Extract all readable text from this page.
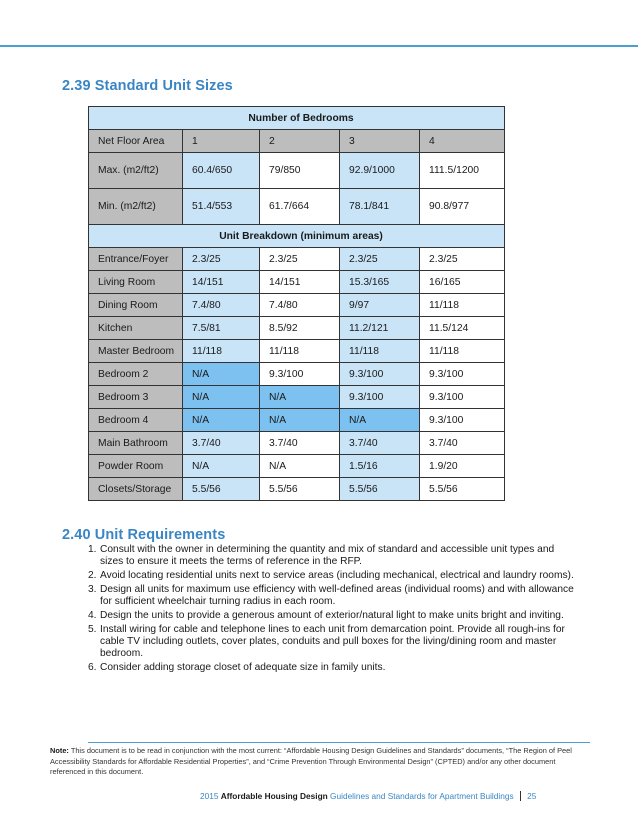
2.39 Standard Unit Sizes
Number of Bedrooms				
Net Floor Area	1	2	3	4
Max. (m2/ft2)	60.4/650	79/850	92.9/1000	111.5/1200
Min. (m2/ft2)	51.4/553	61.7/664	78.1/841	90.8/977
Unit Breakdown (minimum areas)				
Entrance/Foyer	2.3/25	2.3/25	2.3/25	2.3/25
Living Room	14/151	14/151	15.3/165	16/165
Dining Room	7.4/80	7.4/80	9/97	11/118
Kitchen	7.5/81	8.5/92	11.2/121	11.5/124
Master Bedroom	11/118	11/118	11/118	11/118
Bedroom 2	N/A	9.3/100	9.3/100	9.3/100
Bedroom 3	N/A	N/A	9.3/100	9.3/100
Bedroom 4	N/A	N/A	N/A	9.3/100
Main Bathroom	3.7/40	3.7/40	3.7/40	3.7/40
Powder Room	N/A	N/A	1.5/16	1.9/20
Closets/Storage	5.5/56	5.5/56	5.5/56	5.5/56
2.40 Unit Requirements
1. Consult with the owner in determining the quantity and mix of standard and accessible unit types and sizes to ensure it meets the terms of reference in the RFP.
2. Avoid locating residential units next to service areas (including mechanical, electrical and laundry rooms).
3. Design all units for maximum use efficiency with well-defined areas (individual rooms) and with allowance for sufficient wheelchair turning radius in each room.
4. Design the units to provide a generous amount of exterior/natural light to make units bright and inviting.
5. Install wiring for cable and telephone lines to each unit from demarcation point. Provide all rough-ins for cable TV including outlets, cover plates, conduits and pull boxes for the living/dining room and master bedroom.
6. Consider adding storage closet of adequate size in family units.
Note: This document is to be read in conjunction with the most current: “Affordable Housing Design Guidelines and Standards” documents, “The Region of Peel Accessibility Standards for Affordable Residential Properties”, and “Crime Prevention Through Environmental Design” (CPTED) and/or any other document referenced in this document.
2015 Affordable Housing Design Guidelines and Standards for Apartment Buildings 25
